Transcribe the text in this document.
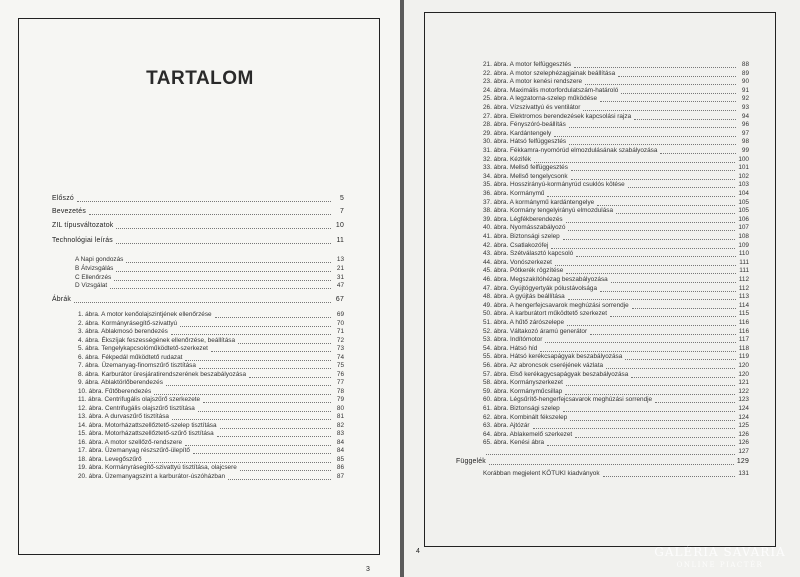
TARTALOM
Előszó	5
Bevezetés	7
ZIL típusváltozatok	10
Technológiai leírás	11
A Napi gondozás	13
B Átvizsgálás	21
C Ellenőrzés	31
D Vizsgálat	47
Ábrák	67
1. ábra. A motor kenőolajszintjének ellenőrzése	69
2. ábra. Kormányrásegítő-szivattyú	70
3. ábra. Ablakmosó berendezés	71
4. ábra. Ékszíjak feszességének ellenőrzése, beállítása	72
5. ábra. Tengelykapcsolóműködtető-szerkezet	73
6. ábra. Fékpedál működtető rudazat	74
7. ábra. Üzemanyag-finomszűrő tisztítása	75
8. ábra. Karburátor üresjáratirendszerének beszabályozása	76
9. ábra. Ablaktörlőberendezés	77
10. ábra. Fűtőberendezés	78
11. ábra. Centrifugális olajszűrő szerkezete	79
12. ábra. Centrifugális olajszűrő tisztítása	80
13. ábra. A durvaszűrő tisztítása	81
14. ábra. Motorházattszellőztető-szelep tisztítása	82
15. ábra. Motorházattszellőztető-szűrő tisztítása	83
16. ábra. A motor szellőző-rendszere	84
17. ábra. Üzemanyag részszűrő-ülepítő	84
18. ábra. Levegőszűrő	85
19. ábra. Kormányrásegítő-szivattyú tisztítása, olajcsere	86
20. ábra. Üzemanyagszint a karburátor-úszóházban	87
3
21. ábra. A motor felfüggesztés	88
22. ábra. A motor szelephézagjainak beállítása	89
23. ábra. A motor kenési rendszere	90
24. ábra. Maximális motorfordulatszám-határoló	91
25. ábra. A legzatorna-szelep működése	92
26. ábra. Vízszivattyú és ventilátor	93
27. ábra. Elektromos berendezések kapcsolási rajza	94
28. ábra. Fényszóró-beállítás	96
29. ábra. Kardántengely	97
30. ábra. Hátsó felfüggesztés	98
31. ábra. Fékkamra-nyomórúd elmozdulásának szabályozása	99
32. ábra. Kézifék	100
33. ábra. Mellső felfüggesztés	101
34. ábra. Mellső tengelycsonk	102
35. ábra. Hosszirányú-kormányrúd csuklós kötése	103
36. ábra. Kormánymű	104
37. ábra. A kormánymű kardántengelye	105
38. ábra. Kormány tengelyirányú elmozdulása	105
39. ábra. Légfékberendezés	106
40. ábra. Nyomásszabályozó	107
41. ábra. Biztonsági szelep	108
42. ábra. Csatlakozófej	109
43. ábra. Szétválasztó kapcsoló	110
44. ábra. Vonószerkezet	111
45. ábra. Pótkerék rögzítése	111
46. ábra. Megszakítóhézag beszabályozása	112
47. ábra. Gyújtógyertyák pólustávolsága	112
48. ábra. A gyújtás beállítása	113
49. ábra. A hengerfejcsavarok meghúzási sorrendje	114
50. ábra. A karburátort működtető szerkezet	115
51. ábra. A hűtő zárószelepe	116
52. ábra. Váltakozó áramú generátor	116
53. ábra. Indítómotor	117
54. ábra. Hátsó híd	118
55. ábra. Hátsó kerékcsapágyak beszabályozása	119
56. ábra. Az abroncsok cseréjének vázlata	120
57. ábra. Első kerékagycsapágyak beszabályozása	120
58. ábra. Kormányszerkezet	121
59. ábra. Kormányműcsillap	122
60. ábra. Légsűrítő-hengerfejcsavarok meghúzási sorrendje	123
61. ábra. Biztonsági szelep	124
62. ábra. Kombinált fékszelep	124
63. ábra. Ajtózár	125
64. ábra. Ablakemelő szerkezet	126
65. ábra. Kenési ábra	126
127
Függelék	129
Korábban megjelent KÖTUKI kiadványok	131
4	GALÉRIA SAVARIA
ONLINE PIACTÉR
